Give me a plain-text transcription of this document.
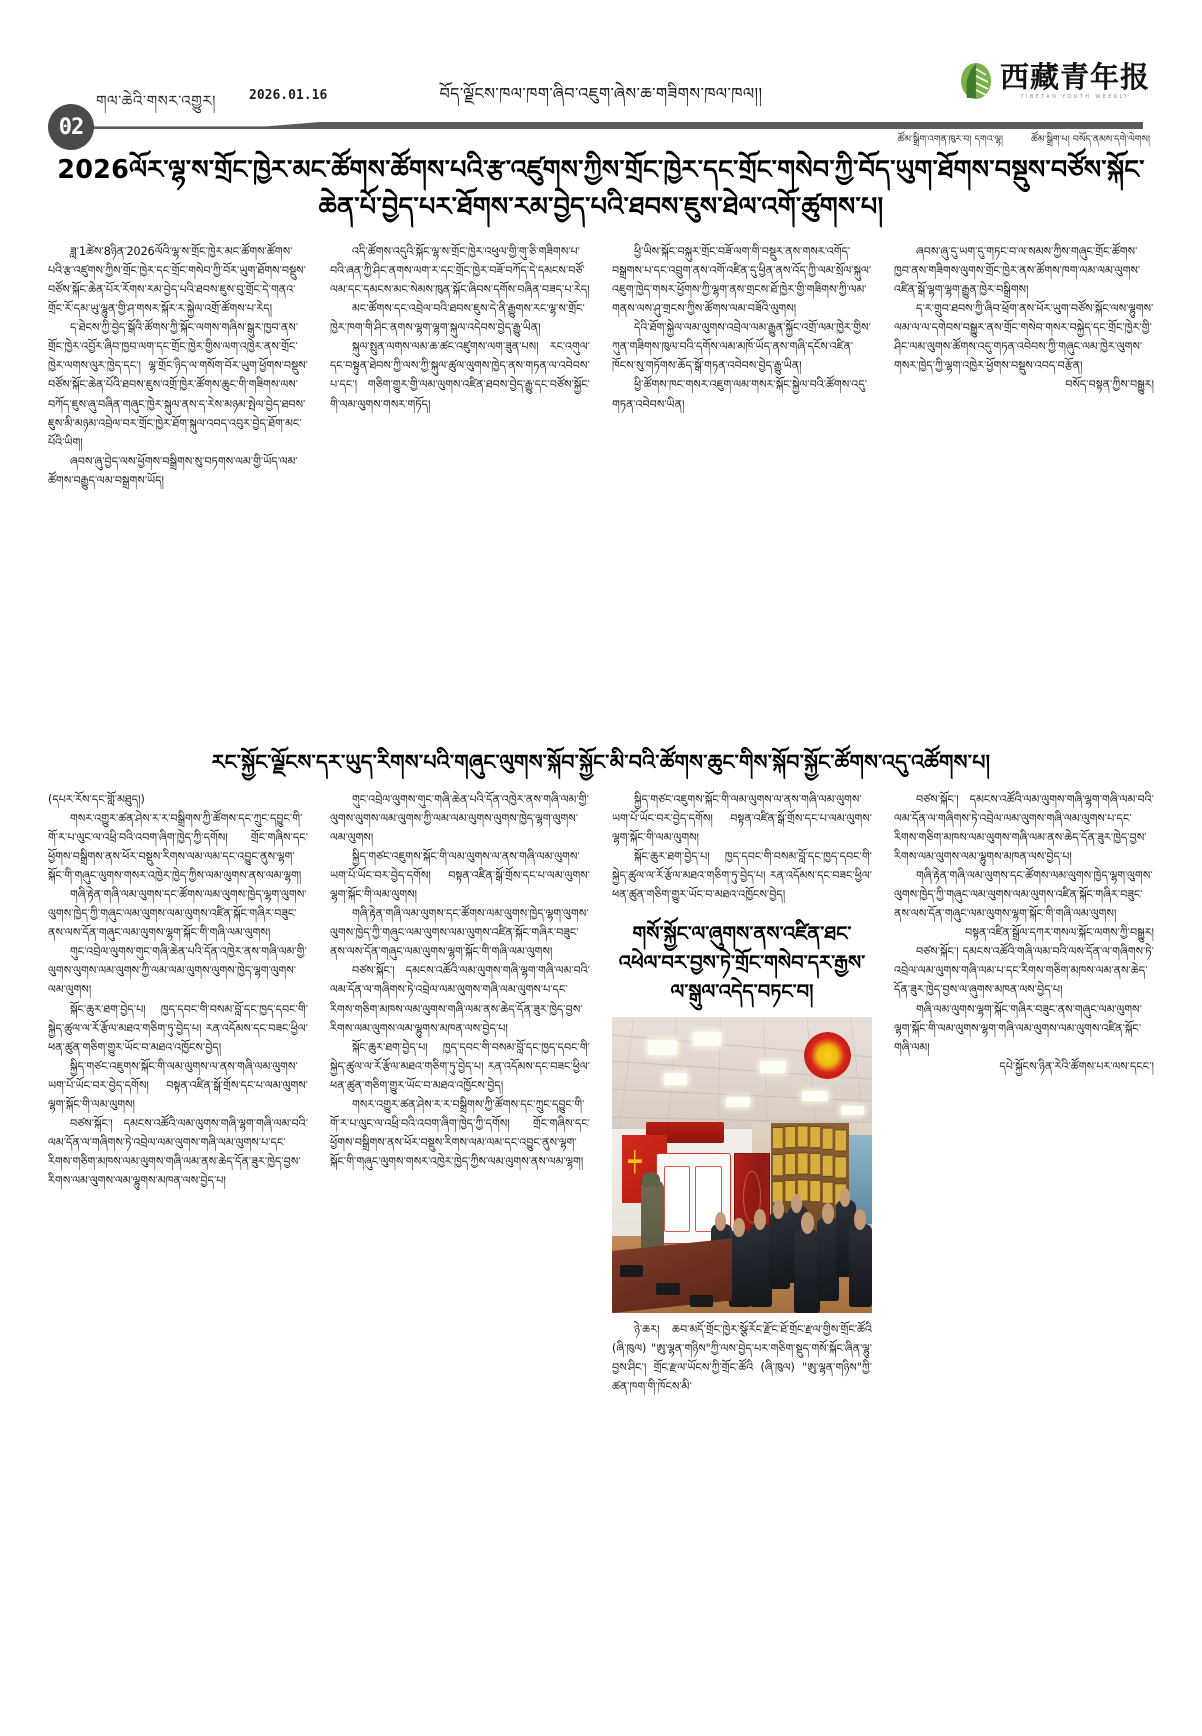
02
གལ་ཆེའི་གསར་འགྱུར།	2026.01.16	བོད་ལྗོངས་ཁལ་ཁག་ཞིབ་འཇུག་ཞེས་ཆ་གཟིགས་ཁལ་ཁལ།།	西藏青年报
TIBETAN YOUTH WEEKLY
ཚོམ་སྒྲིག་འགན་ཁུར་བ། དགའ་ལྷ།	ཚོམ་སྒྲིག་པ། བསོད་ནམས་དགེ་ལེགས།
2026ལོར་ལྷ་ས་གྲོང་ཁྱེར་མང་ཚོགས་ཚོགས་པའི་རྩ་འཛུགས་ཀྱིས་གྲོང་ཁྱེར་དང་གྲོང་གསེབ་ཀྱི་བོད་ཡུག་ཐོགས་བསྡུས་བཙོས་སྐོང་ཆེན་པོ་བྱེད་པར་ཐོགས་རམ་བྱེད་པའི་ཐབས་ཇུས་ཐེལ་འགོ་ཚུགས་པ།

ཟླ་1ཚེས་8ཉིན་2026ལོའི་ལྷ་ས་གྲོང་ཁྱེར་མང་ཚོགས་ཚོགས་པའི་རྩ་འཛུགས་ཀྱིས་གྲོང་ཁྱེར་དང་གྲོང་གསེབ་ཀྱི་བོར་ཡུག་ཐོགས་བསྡུས་བཙོས་སྐོང་ཆེན་པོར་རོགས་རམ་བྱེད་པའི་ཐབས་ཇུས་བུ་གྲོང་དེ་གནའ་གྲོང་རོ་དམ་ཡུ་ལྷུན་གྱི་ཤ་གསར་སྐོར་ར་སྐྱེལ་འགྲོ་ཚོགས་པ་རེད།

ད་ཐེངས་ཀྱི་བྱེད་སྒོའི་ཚོགས་ཀྱི་སྐོང་ལགས་གཞིས་སྒུར་ཁྱབ་ནས་གྲོང་ཁྱེར་འབྱོར་ཞིབ་ཁྱབ་ལག་དང་གྲོང་ཁྱེར་གྱིས་ལག་འཁྱེར་ནས་གྲོང་ཁྱེར་ལགས་ལུར་ཁྱེད་དང་། ལྷ་གྲོང་ཉིད་ལ་གསོག་བོར་ཡུག་ཕྱོགས་བསྡུས་བཙོས་སྐོང་ཆེན་པོའི་ཐབས་ཇུས་འགྲོ་ཁྱེར་ཚོགས་ཆུང་གི་གཟིགས་ལས་བཀོད་ཇུས་ཞུ་བཞིན་གཞུང་ཁྱེར་སྐུལ་ནས་ད་རེས་མཉམ་སྤེལ་བྱེད་ཐབས་ཇུས་མི་མཉམ་འབྲེལ་བར་གྲོང་ཁྱེར་ཐོག་སྐུལ་འབད་འབུར་བྱེད་ཐོག་མང་པོའི་ཡིག།

ཞབས་ཞུ་བྱེད་ལས་ཕྱོགས་བསྒྲིགས་སུ་བཏགས་ལམ་གྱི་ཡོད་ལམ་ཚོགས་བརྒྱུད་ལམ་བསྒྲགས་ཡོད།

འདི་ཚོགས་འདུའི་སྐོང་ལྷ་ས་གྲོང་ཁྱེར་འཕུལ་གྱི་གུ་ཅི་གཟིགས་པ་བའི་ཞན་ཀྱི་ཤིང་ནགས་ལག་ར་དང་གྲོང་ཁྱེར་བཟོ་བཀོད་དེ་དམངས་བཙོ་ལམ་དང་དམངས་མང་སེམས་ཁུན་སྐོང་ཞིབས་དགོས་བཞིན་བཟད་པ་རེད།

མང་ཚོགས་དང་འབྲེལ་བའི་ཐབས་ཇུས་དེ་ནི་རྒྱུགས་རང་ལྷ་ས་གྲོང་ཁྱེར་ཁག་གི་ཤིང་ནགས་ལྷག་ལྷག་སྐུལ་འདེབས་བྱེད་རྒྱུ་ཡིན།

སྐུལ་སྤུན་ལགས་ལམ་ཆ་ཚང་འཛུགས་ལག་ཟུན་པས། རང་འགུལ་དང་བསྟུན་ཐེབས་ཀྱི་ལས་ཀྱི་སྐུལ་ཚུལ་ལུགས་ཁྱེད་ནས་གཏན་ལ་འབེབས་པ་དང་། གཅིག་གྱུར་གྱི་ལམ་ལུགས་འཛིན་ཐབས་བྱེད་རྒྱུ་དང་བཙོས་སྐྱོང་གི་ལམ་ལུགས་གསར་གཏོད།

ཕྱི་ཡིས་སྐོང་བསྐུར་གྲོང་བཟོ་ལག་གི་བསྡུར་ནས་གསར་འགོད་བསྒྲགས་པ་དང་འབྲུག་ནས་འགོ་འཛིན་དུ་ཕྱིན་ནས་འོད་ཀྱི་ལམ་སྲོལ་སྐུལ་འཇུག་ཁྱེད་གསར་ཕྱོགས་ཀྱི་ལྷག་ནས་གྲངས་ཐོ་ཁྱེར་གྱི་གཟིགས་ཀྱི་ལམ་གནས་ལས་ཤུ་གྲངས་ཀྱིས་ཚོགས་ལམ་བཟོའི་ལུགས།

དེའི་ཐོག་སྐྱེལ་ལམ་ལུགས་འབྲེལ་ལམ་རྒྱུན་སྐྱོང་འགྲོ་ལམ་ཁྱེར་གྱིས་ཀུན་གཟིགས་ཁུལ་བའི་དགོས་ལམ་མཁོ་ཡོད་ནས་གཞི་དངོས་འཛིན་ཁོངས་སུ་གཏོགས་ཆོད་སྒོ་གཏན་འབེབས་བྱེད་རྒྱུ་ཡིན།

ཕྱི་ཚོགས་ཁང་གསར་འཇུག་ལམ་གསར་སྐོང་སྐྱེལ་བའི་ཚོགས་འདུ་གཏན་འབེབས་ཡིན།

ཞབས་ཞུ་དུ་ཡག་དུ་གཏང་བ་ལ་སམས་ཀྱིས་གཞུང་གྲོང་ཚོགས་ཁྱབ་ནས་གཟིགས་ལུགས་གྲོང་ཁྱེར་ནས་ཚོགས་ཁག་ལམ་ལམ་ལུགས་འཛིན་སྒོ་ལྷག་ལྷག་རྒྱུན་ཁྱེར་བསྒྲིགས།

ད་ར་གྲུབ་ཐབས་ཀྱི་ཞིབ་ཕྲོག་ནས་ཕོར་ཡུག་བཙོས་སྐོང་ལས་ལྷུགས་ལམ་ལ་ལ་དགེབས་བསྒྱུར་ནས་གྲོང་གསེབ་གསར་བསྐྱེད་དང་གྲོང་ཁྱེར་གྱི་ཤིང་ལམ་ལུགས་ཚོགས་འདུ་གཏན་འབེབས་ཀྱི་གཞུང་ལམ་ཁྱེར་ལུགས་གསར་ཁྱེད་ཀྱི་ལྷག་འཁྱེར་ཕྱོགས་བསྡུས་འབད་བརྩོན།

བསོད་བསྟན་ཀྱིས་བསྒྱུར།

རང་སྐྱོང་ལྗོངས་དར་ཡུད་རིགས་པའི་གཞུང་ལུགས་སྐོབ་སྐྱོང་མི་བའི་ཚོགས་ཆུང་གིས་སྐོབ་སྐྱོང་ཚོགས་འདུ་འཚོགས་པ།

(དཔར་རོས་དང་གློ་མཐུད།)

གསར་འགྱུར་ཚན་ཤེས་ར་ར་བསྒྲིགས་ཀྱི་ཚོགས་དང་ཀྲུང་དབྱུང་གི་གོ་ར་པ་ལུང་ལ་འཕྲི་བའི་འབག་ཞིག་ཁྱེད་ཀྱི་དགོས། གྲོང་གཞིས་དང་ཕྱོགས་བསྒྲིགས་ནས་ཕོར་བསྡུས་རིགས་ལམ་ལམ་དང་འབྱུང་ནུས་ལྷག་སྐོང་གི་གཞུང་ལུགས་གསར་འཁྱེར་ཁྱེད་ཀྱིས་ལམ་ལུགས་ནས་ལམ་ལྷག།

གཞི་རྟེན་གཞི་ལམ་ལུགས་དང་ཚོགས་ལམ་ལུགས་ཁྱེད་ལྷག་ལུགས་ལུགས་ཁྱེད་ཀྱི་གཞུང་ལམ་ལུགས་ལམ་ལུགས་འཛིན་སྐོང་གཞིར་བཟུང་ནས་ལས་དོན་གཞུང་ལམ་ལུགས་ལྷག་སྐོང་གི་གཞི་ལམ་ལུགས།

གུང་འབྲེལ་ལུགས་གུང་གཞི་ཆེན་པའི་དོན་འཁྱེར་ནས་གཞི་ལམ་གྱི་ལུགས་ལུགས་ལམ་ལུགས་ཀྱི་ལམ་ལམ་ལུགས་ལུགས་ཁྱེད་ལྷག་ལུགས་ལམ་ལུགས།

སྐོང་ཆུར་ཐག་བྱེད་པ། ཁྱད་དབང་གི་བསམ་བློ་དང་ཁྱད་དབང་གི་སྐྱེད་ཚུལ་ལ་རོ་རྩོལ་མཐའ་གཅིག་ཏུ་བྱེད་པ། རན་འདོམས་དང་བཟང་ཕྱིལ་ཕན་ཚུན་གཅིག་གྱུར་ཡོང་བ་མཐའ་འཁྱོངས་བྱེད།

སྐྱིད་གཙང་འཇུགས་སྐོང་གི་ལམ་ལུགས་ལ་ནས་གཞི་ལམ་ལུགས་ཡག་པོ་ཡོང་བར་བྱེད་དགོས། བསྟན་འཛིན་སྒོ་གྲོས་དང་པ་ལམ་ལུགས་ལྷག་སྐོང་གི་ལམ་ལུགས།

བཙས་སྐོང་། དམངས་འཚོའི་ལམ་ལུགས་གཞི་ལྷག་གཞི་ལམ་བའི་ལམ་དོན་ལ་གཞིགས་ཏེ་འབྲེལ་ལམ་ལུགས་གཞི་ལམ་ལུགས་པ་དང་རིགས་གཅིག་མཁས་ལམ་ལུགས་གཞི་ལམ་ནས་ཆེད་དོན་ཟུར་ཁྱེད་བྱས་རིགས་ལམ་ལུགས་ལམ་ལྷུགས་མཁན་ལས་བྱེད་པ།

གུང་འབྲེལ་ལུགས་གུང་གཞི་ཆེན་པའི་དོན་འཁྱེར་ནས་གཞི་ལམ་གྱི་ལུགས་ལུགས་ལམ་ལུགས་ཀྱི་ལམ་ལམ་ལུགས་ལུགས་ཁྱེད་ལྷག་ལུགས་ལམ་ལུགས།

སྐྱིད་གཙང་འཇུགས་སྐོང་གི་ལམ་ལུགས་ལ་ནས་གཞི་ལམ་ལུགས་ཡག་པོ་ཡོང་བར་བྱེད་དགོས། བསྟན་འཛིན་སྒོ་གྲོས་དང་པ་ལམ་ལུགས་ལྷག་སྐོང་གི་ལམ་ལུགས།

གཞི་རྟེན་གཞི་ལམ་ལུགས་དང་ཚོགས་ལམ་ལུགས་ཁྱེད་ལྷག་ལུགས་ལུགས་ཁྱེད་ཀྱི་གཞུང་ལམ་ལུགས་ལམ་ལུགས་འཛིན་སྐོང་གཞིར་བཟུང་ནས་ལས་དོན་གཞུང་ལམ་ལུགས་ལྷག་སྐོང་གི་གཞི་ལམ་ལུགས།

བཙས་སྐོང་། དམངས་འཚོའི་ལམ་ལུགས་གཞི་ལྷག་གཞི་ལམ་བའི་ལམ་དོན་ལ་གཞིགས་ཏེ་འབྲེལ་ལམ་ལུགས་གཞི་ལམ་ལུགས་པ་དང་རིགས་གཅིག་མཁས་ལམ་ལུགས་གཞི་ལམ་ནས་ཆེད་དོན་ཟུར་ཁྱེད་བྱས་རིགས་ལམ་ལུགས་ལམ་ལྷུགས་མཁན་ལས་བྱེད་པ།

སྐོང་ཆུར་ཐག་བྱེད་པ། ཁྱད་དབང་གི་བསམ་བློ་དང་ཁྱད་དབང་གི་སྐྱེད་ཚུལ་ལ་རོ་རྩོལ་མཐའ་གཅིག་ཏུ་བྱེད་པ། རན་འདོམས་དང་བཟང་ཕྱིལ་ཕན་ཚུན་གཅིག་གྱུར་ཡོང་བ་མཐའ་འཁྱོངས་བྱེད།

གསར་འགྱུར་ཚན་ཤེས་ར་ར་བསྒྲིགས་ཀྱི་ཚོགས་དང་ཀྲུང་དབྱུང་གི་གོ་ར་པ་ལུང་ལ་འཕྲི་བའི་འབག་ཞིག་ཁྱེད་ཀྱི་དགོས། གྲོང་གཞིས་དང་ཕྱོགས་བསྒྲིགས་ནས་ཕོར་བསྡུས་རིགས་ལམ་ལམ་དང་འབྱུང་ནུས་ལྷག་སྐོང་གི་གཞུང་ལུགས་གསར་འཁྱེར་ཁྱེད་ཀྱིས་ལམ་ལུགས་ནས་ལམ་ལྷག།

སྐྱིད་གཙང་འཇུགས་སྐོང་གི་ལམ་ལུགས་ལ་ནས་གཞི་ལམ་ལུགས་ཡག་པོ་ཡོང་བར་བྱེད་དགོས། བསྟན་འཛིན་སྒོ་གྲོས་དང་པ་ལམ་ལུགས་ལྷག་སྐོང་གི་ལམ་ལུགས།

སྐོང་ཆུར་ཐག་བྱེད་པ། ཁྱད་དབང་གི་བསམ་བློ་དང་ཁྱད་དབང་གི་སྐྱེད་ཚུལ་ལ་རོ་རྩོལ་མཐའ་གཅིག་ཏུ་བྱེད་པ། རན་འདོམས་དང་བཟང་ཕྱིལ་ཕན་ཚུན་གཅིག་གྱུར་ཡོང་བ་མཐའ་འཁྱོངས་བྱེད།

གསོ་སྐྱོང་ལ་ཞུགས་ནས་འཛིན་ཐང་འཕེལ་བར་བྱས་ཏེ་གྲོང་གསེབ་དར་རྒྱས་ལ་སྒུལ་འདེད་བཏང་བ།

ཉེ་ཆར། ཆབ་མདོ་གྲོང་ཁྱེར་སྩོ་རོང་རྫོང་ཐོ་གྲོང་རྫལ་གྱིས་གྲོང་ཚོའི (ཞི་ཁུལ) "ཨུ་ལྷན་གཉིས"ཀྱི་ལས་བྱེད་པར་གཅིག་སྡུད་གསོ་སྐོང་ཞིན་ལྷུ་བྱས་ཤིང་། གྲོང་རྫལ་ཡོངས་ཀྱི་གྲོང་ཚོའི (ཞི་ཁུལ) "ཨུ་ལྷན་གཉིས"ཀྱི་ཚན་ཁག་གི་ཁོངས་མི་

བཙས་སྐོང་། དམངས་འཚོའི་ལམ་ལུགས་གཞི་ལྷག་གཞི་ལམ་བའི་ལམ་དོན་ལ་གཞིགས་ཏེ་འབྲེལ་ལམ་ལུགས་གཞི་ལམ་ལུགས་པ་དང་རིགས་གཅིག་མཁས་ལམ་ལུགས་གཞི་ལམ་ནས་ཆེད་དོན་ཟུར་ཁྱེད་བྱས་རིགས་ལམ་ལུགས་ལམ་ལྷུགས་མཁན་ལས་བྱེད་པ།

གཞི་རྟེན་གཞི་ལམ་ལུགས་དང་ཚོགས་ལམ་ལུགས་ཁྱེད་ལྷག་ལུགས་ལུགས་ཁྱེད་ཀྱི་གཞུང་ལམ་ལུགས་ལམ་ལུགས་འཛིན་སྐོང་གཞིར་བཟུང་ནས་ལས་དོན་གཞུང་ལམ་ལུགས་ལྷག་སྐོང་གི་གཞི་ལམ་ལུགས།

བསྟན་འཛིན་སྒྲོལ་དཀར་གསལ་སྐོང་ལགས་ཀྱི་བསྒྱུར།

བཙས་སྐོང་། དམངས་འཚོའི་གཞི་ལམ་བའི་ལས་དོན་ལ་གཞིགས་ཏེ་འབྲེལ་ལམ་ལུགས་གཞི་ལམ་པ་དང་རིགས་གཅིག་མཁས་ལམ་ནས་ཆེད་དོན་ཟུར་ཁྱེད་བྱས་ལ་ཞུགས་མཁན་ལས་བྱེད་པ།

གཞི་ལམ་ལུགས་ལྷག་སྐོང་གཞིར་བཟུང་ནས་གཞུང་ལམ་ལུགས་ལྷག་སྐོང་གི་ལམ་ལུགས་ལྷག་གཞི་ལམ་ལུགས་ལམ་ལུགས་འཛིན་སྐོང་གཞི་ལམ།

དཔེ་སྐྱོངས་ཉིན་རེའི་ཚོགས་པར་ལས་དངང་།
